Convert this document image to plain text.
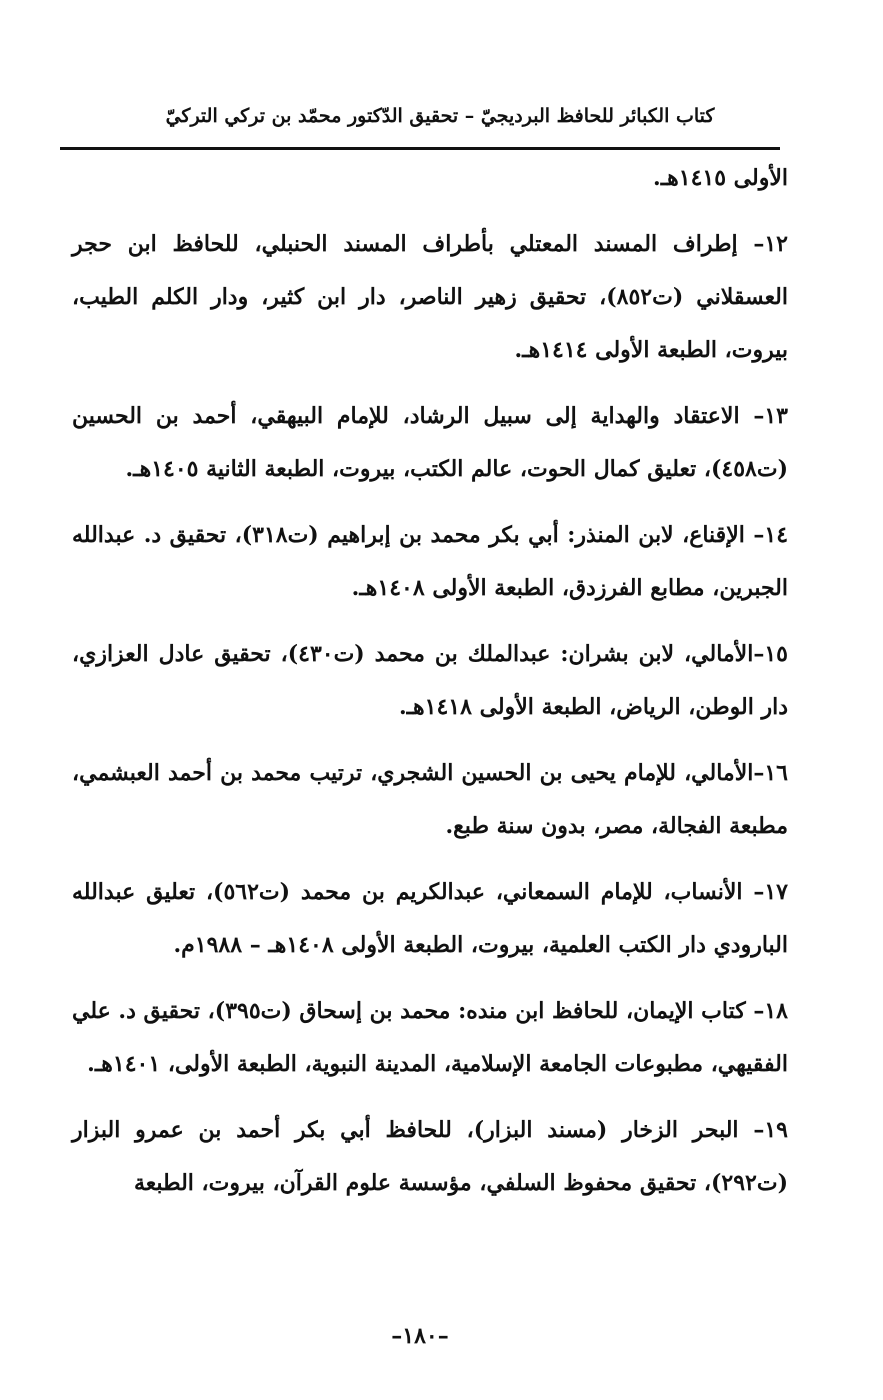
كتاب الكبائر للحافظ البرديجيّ – تحقيق الدّكتور محمّد بن تركي التركيّ

الأولى ١٤١٥هـ.

١٢– إطراف المسند المعتلي بأطراف المسند الحنبلي، للحافظ ابن حجر العسقلاني (ت٨٥٢)، تحقيق زهير الناصر، دار ابن كثير، ودار الكلم الطيب، بيروت، الطبعة الأولى ١٤١٤هـ.

١٣– الاعتقاد والهداية إلى سبيل الرشاد، للإمام البيهقي، أحمد بن الحسين (ت٤٥٨)، تعليق كمال الحوت، عالم الكتب، بيروت، الطبعة الثانية ١٤٠٥هـ.

١٤– الإقناع، لابن المنذر: أبي بكر محمد بن إبراهيم (ت٣١٨)، تحقيق د. عبدالله الجبرين، مطابع الفرزدق، الطبعة الأولى ١٤٠٨هـ.

١٥–الأمالي، لابن بشران: عبدالملك بن محمد (ت٤٣٠)، تحقيق عادل العزازي، دار الوطن، الرياض، الطبعة الأولى ١٤١٨هـ.

١٦–الأمالي، للإمام يحيى بن الحسين الشجري، ترتيب محمد بن أحمد العبشمي، مطبعة الفجالة، مصر، بدون سنة طبع.

١٧– الأنساب، للإمام السمعاني، عبدالكريم بن محمد (ت٥٦٢)، تعليق عبدالله البارودي دار الكتب العلمية، بيروت، الطبعة الأولى ١٤٠٨هـ – ١٩٨٨م.

١٨– كتاب الإيمان، للحافظ ابن منده: محمد بن إسحاق (ت٣٩٥)، تحقيق د. علي الفقيهي، مطبوعات الجامعة الإسلامية، المدينة النبوية، الطبعة الأولى، ١٤٠١هـ.

١٩– البحر الزخار (مسند البزار)، للحافظ أبي بكر أحمد بن عمرو البزار (ت٢٩٢)، تحقيق محفوظ السلفي، مؤسسة علوم القرآن، بيروت، الطبعة

–١٨٠–
